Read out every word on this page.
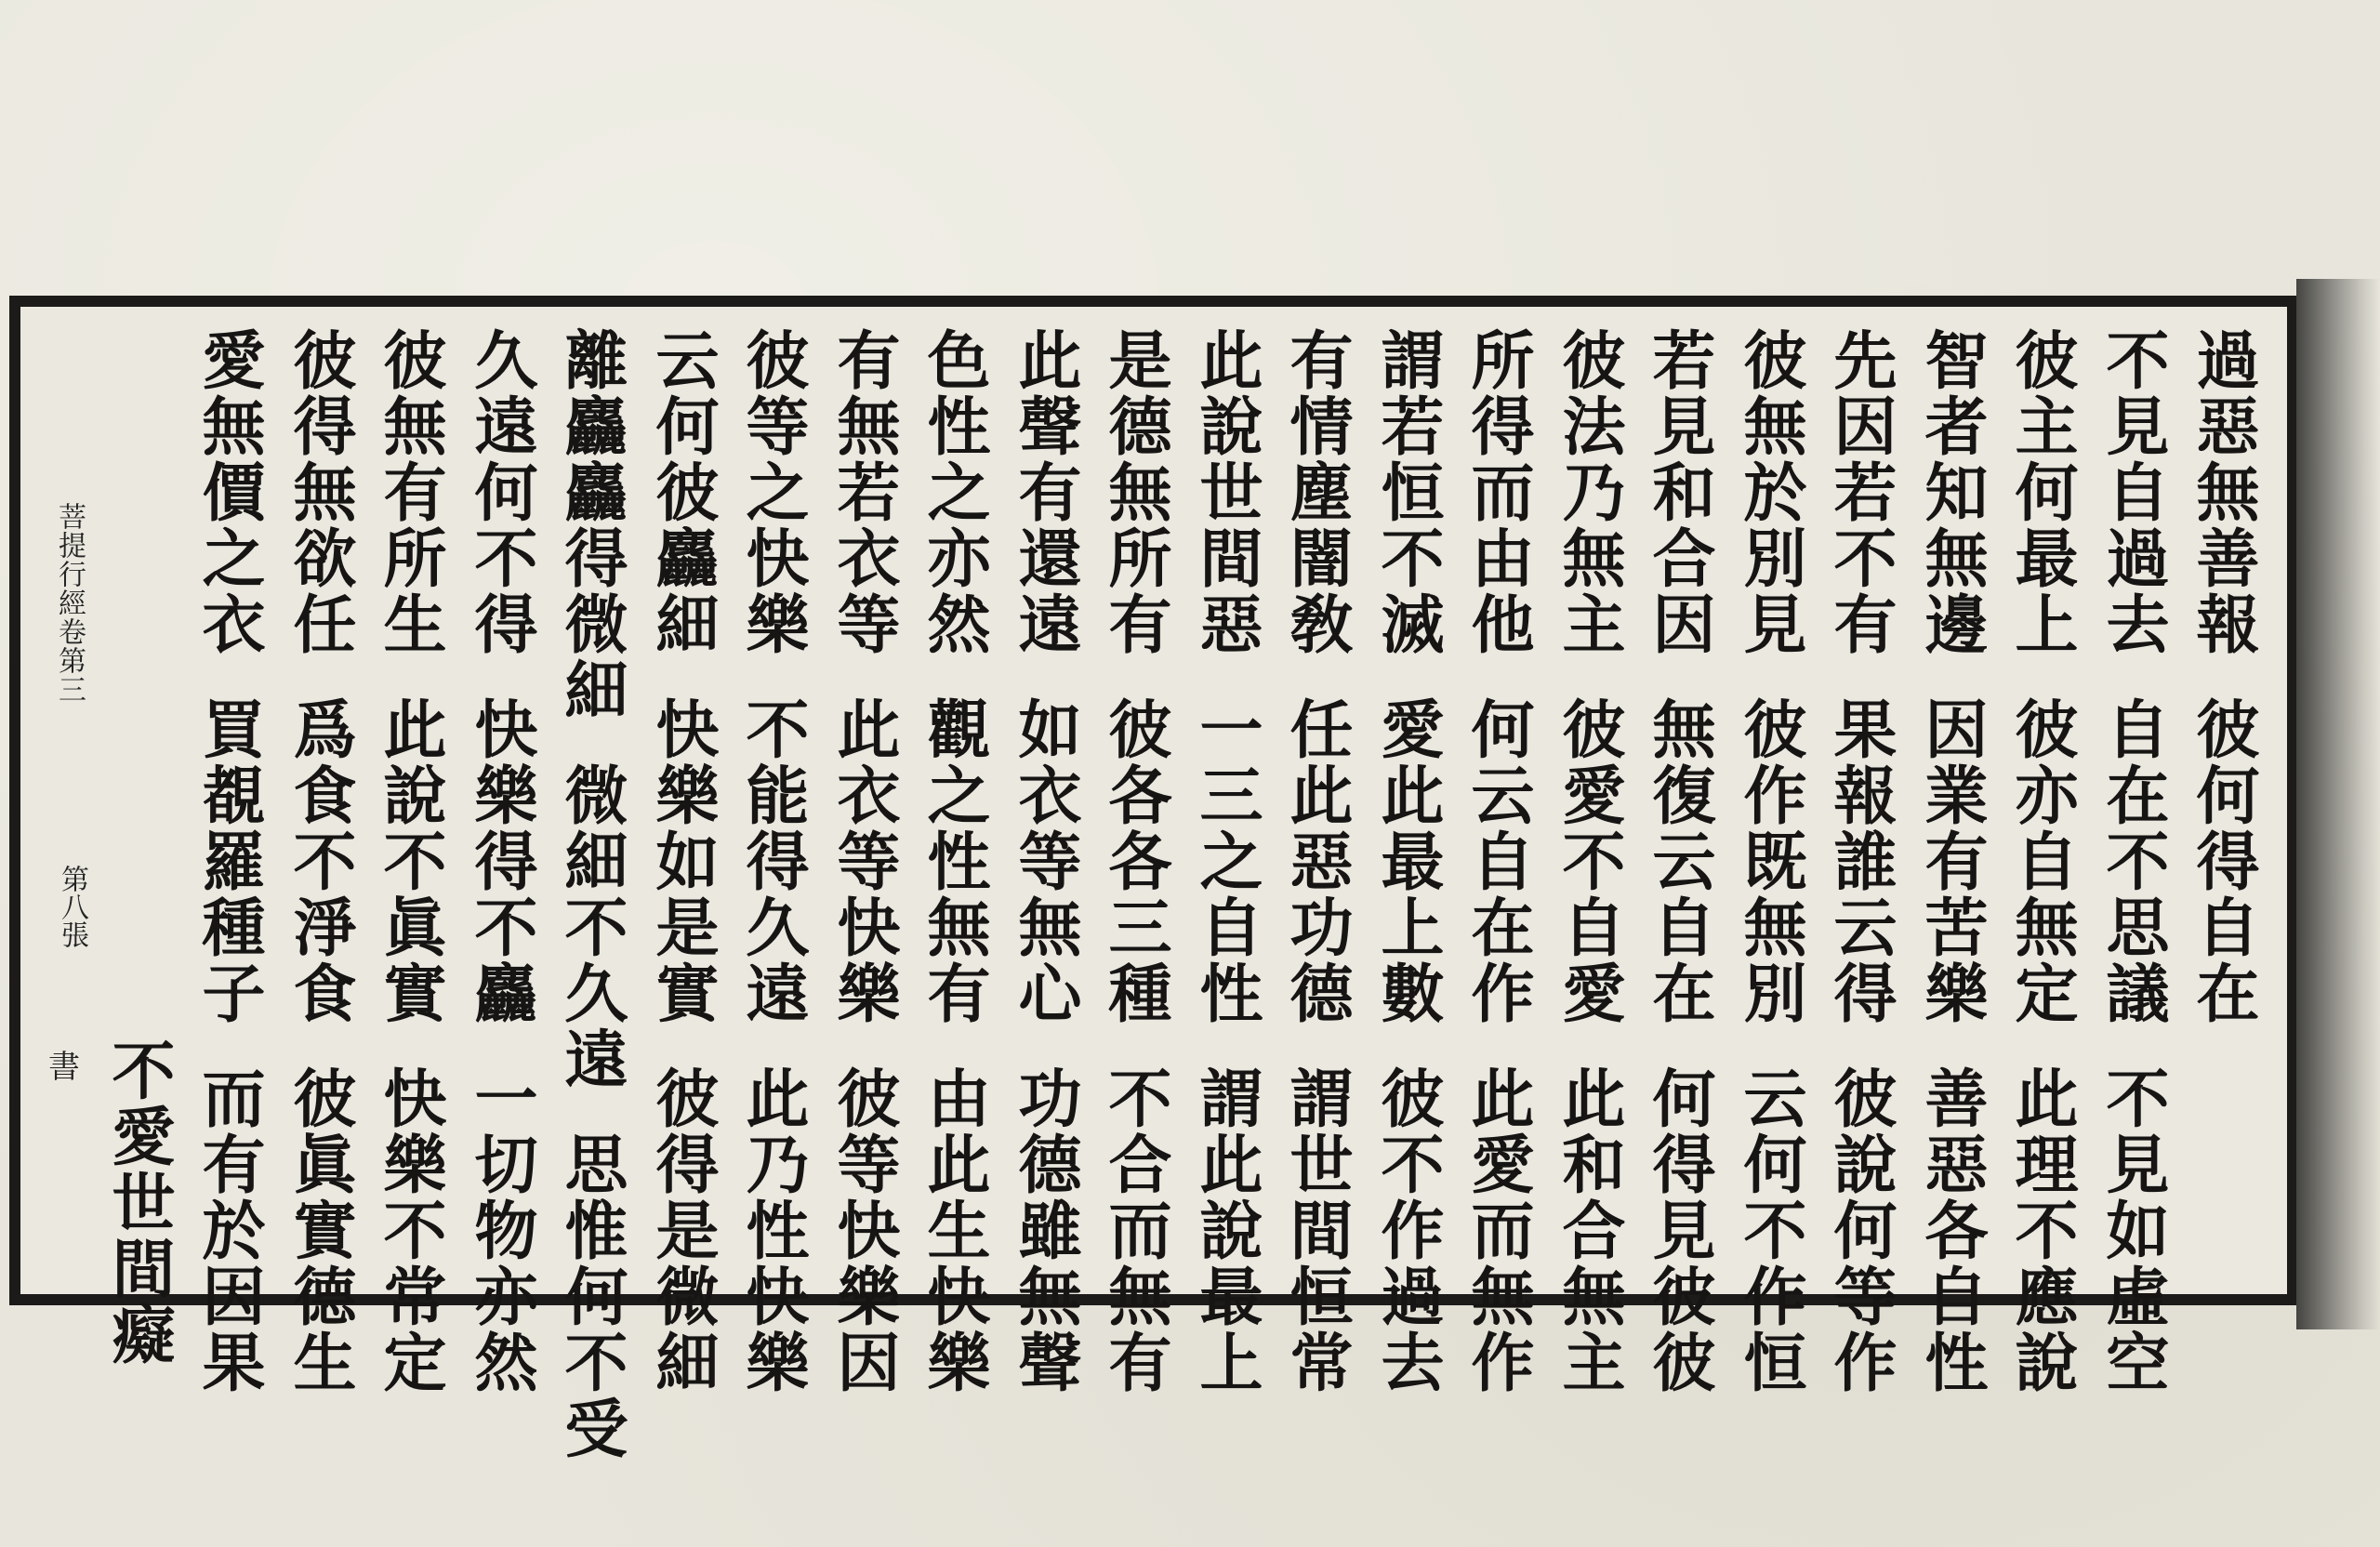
過惡無善報
彼何得自在
不見自過去
自在不思議
不見如虛空
彼主何最上
彼亦自無定
此理不應說
智者知無邊
因業有苦樂
善惡各自性
先因若不有
果報誰云得
彼說何等作
彼無於別見
彼作既無別
云何不作恒
若見和合因
無復云自在
何得見彼彼
彼法乃無主
彼愛不自愛
此和合無主
所得而由他
何云自在作
此愛而無作
謂若恒不滅
愛此最上數
彼不作過去
有情塵闇敎
任此惡功德
謂世間恒常
此說世間惡
一三之自性
謂此說最上
是德無所有
彼各各三種
不合而無有
此聲有還遠
如衣等無心
功德雖無聲
色性之亦然
觀之性無有
由此生快樂
有無若衣等
此衣等快樂
彼等快樂因
彼等之快樂
不能得久遠
此乃性快樂
云何彼麤細
快樂如是實
彼得是微細
離麤麤得微細
微細不久遠
思惟何不受
久遠何不得
快樂得不麤
一切物亦然
彼無有所生
此說不眞實
快樂不常定
彼得無欲任
爲食不淨食
彼眞實德生
愛無價之衣
買覩羅種子
而有於因果
不愛世間癡
菩提行經卷第三
第八張
書
